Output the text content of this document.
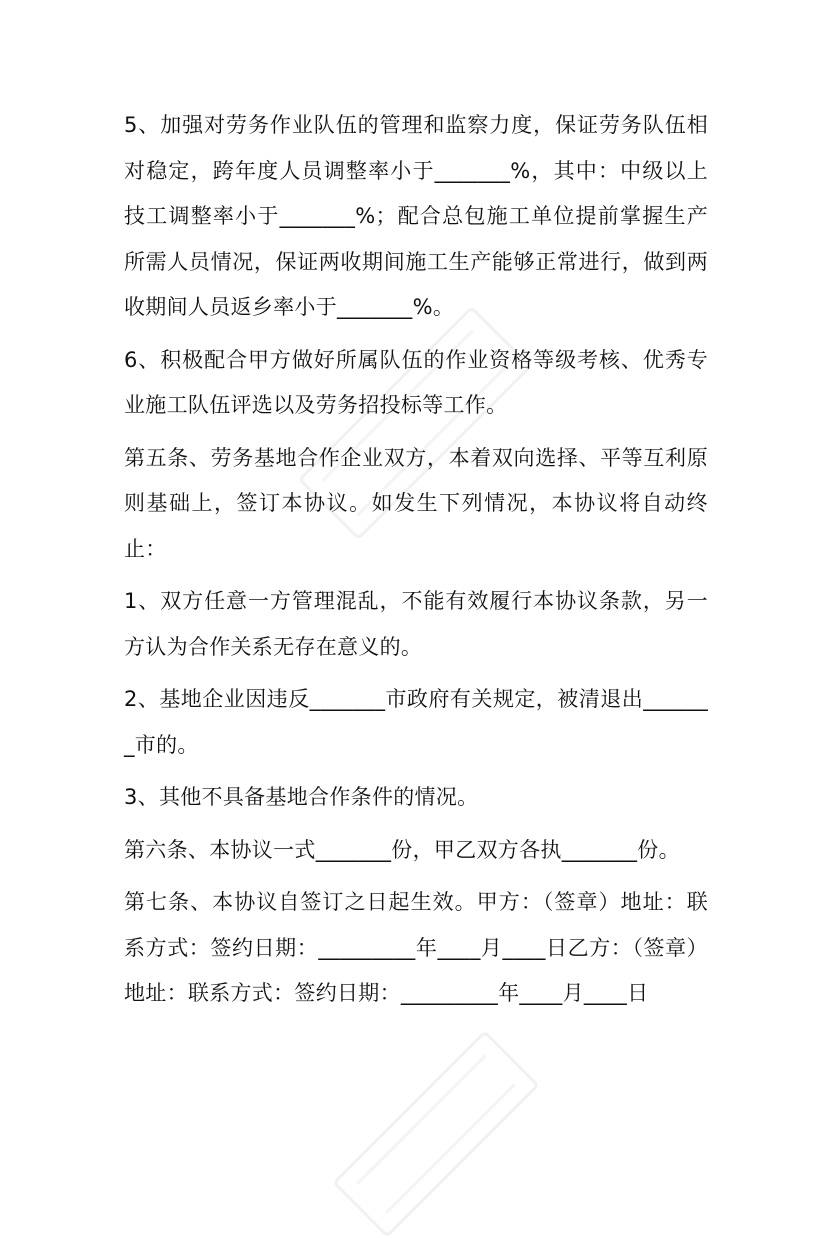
5、加强对劳务作业队伍的管理和监察力度，保证劳务队伍相对稳定，跨年度人员调整率小于_______%，其中：中级以上技工调整率小于_______%；配合总包施工单位提前掌握生产所需人员情况，保证两收期间施工生产能够正常进行，做到两收期间人员返乡率小于_______%。

6、积极配合甲方做好所属队伍的作业资格等级考核、优秀专业施工队伍评选以及劳务招投标等工作。

第五条、劳务基地合作企业双方，本着双向选择、平等互利原则基础上，签订本协议。如发生下列情况，本协议将自动终止：

1、双方任意一方管理混乱，不能有效履行本协议条款，另一方认为合作关系无存在意义的。

2、基地企业因违反_______市政府有关规定，被清退出_______市的。

3、其他不具备基地合作条件的情况。

第六条、本协议一式_______份，甲乙双方各执_______份。

第七条、本协议自签订之日起生效。甲方：（签章）地址：联系方式：签约日期：_________年____月____日乙方：（签章）地址：联系方式：签约日期：_________年____月____日
